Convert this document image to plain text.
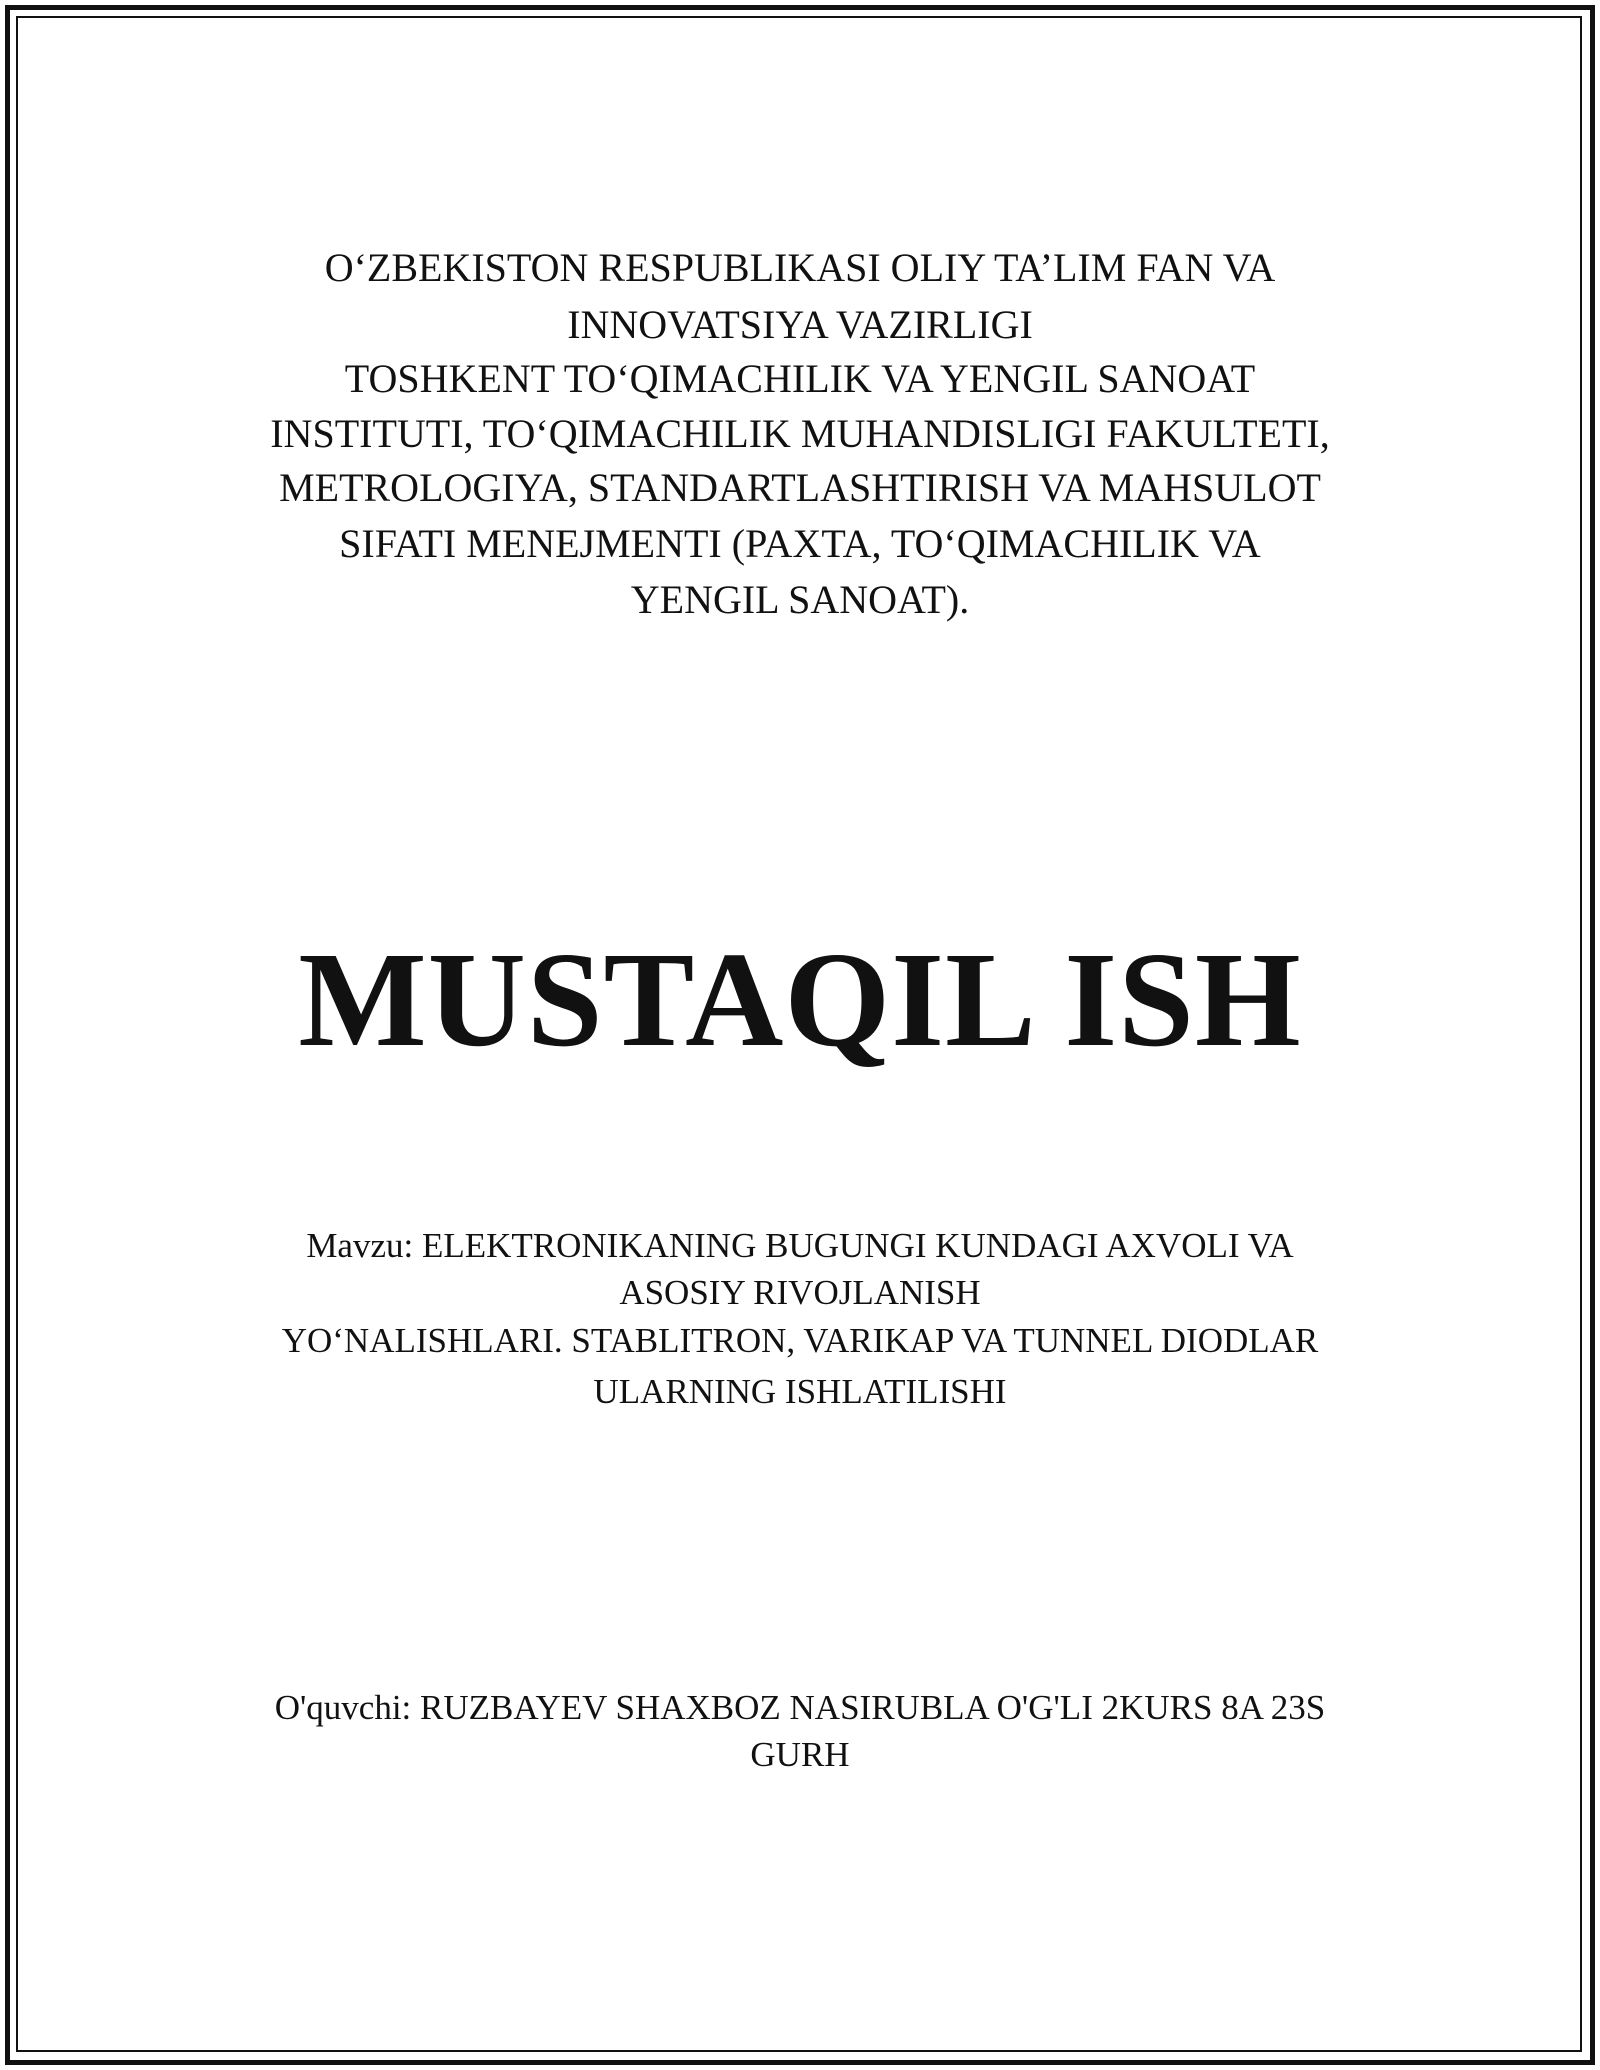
O‘ZBEKISTON RESPUBLIKASI OLIY TA’LIM FAN VA
INNOVATSIYA VAZIRLIGI
TOSHKENT TO‘QIMACHILIK VA YENGIL SANOAT
INSTITUTI, TO‘QIMACHILIK MUHANDISLIGI FAKULTETI,
METROLOGIYA, STANDARTLASHTIRISH VA MAHSULOT
SIFATI MENEJMENTI (PAXTA, TO‘QIMACHILIK VA
YENGIL SANOAT).
MUSTAQIL ISH
Mavzu: ELEKTRONIKANING BUGUNGI KUNDAGI AXVOLI VA
ASOSIY RIVOJLANISH
YO‘NALISHLARI. STABLITRON, VARIKAP VA TUNNEL DIODLAR
ULARNING ISHLATILISHI
O'quvchi: RUZBAYEV SHAXBOZ NASIRUBLA O'G'LI 2KURS 8A 23S
GURH
